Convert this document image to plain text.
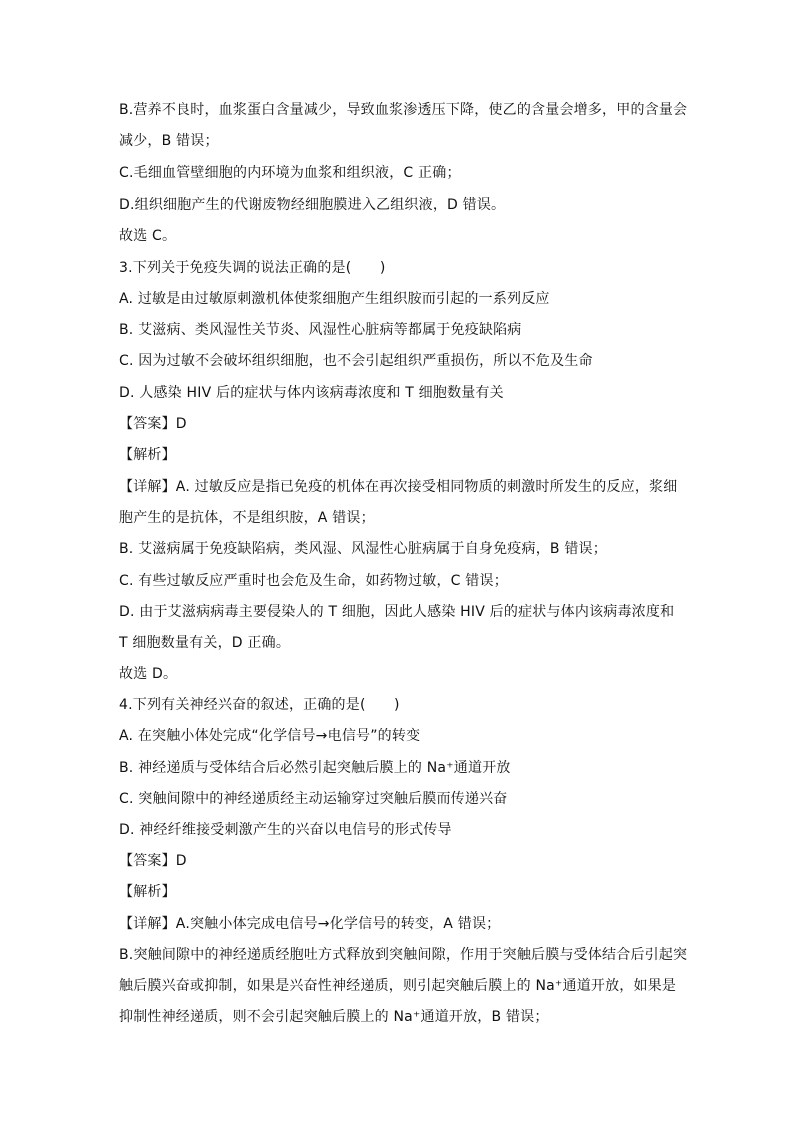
B.营养不良时，血浆蛋白含量减少，导致血浆渗透压下降，使乙的含量会增多，甲的含量会
减少，B 错误；
C.毛细血管壁细胞的内环境为血浆和组织液，C 正确；
D.组织细胞产生的代谢废物经细胞膜进入乙组织液，D 错误。
故选 C。
3.下列关于免疫失调的说法正确的是(　　)
A. 过敏是由过敏原刺激机体使浆细胞产生组织胺而引起的一系列反应
B. 艾滋病、类风湿性关节炎、风湿性心脏病等都属于免疫缺陷病
C. 因为过敏不会破坏组织细胞，也不会引起组织严重损伤，所以不危及生命
D. 人感染 HIV 后的症状与体内该病毒浓度和 T 细胞数量有关
【答案】D
【解析】
【详解】A. 过敏反应是指已免疫的机体在再次接受相同物质的刺激时所发生的反应，浆细
胞产生的是抗体，不是组织胺，A 错误；
B. 艾滋病属于免疫缺陷病，类风湿、风湿性心脏病属于自身免疫病，B 错误；
C. 有些过敏反应严重时也会危及生命，如药物过敏，C 错误；
D. 由于艾滋病病毒主要侵染人的 T 细胞，因此人感染 HIV 后的症状与体内该病毒浓度和
T 细胞数量有关，D 正确。
故选 D。
4.下列有关神经兴奋的叙述，正确的是(　　)
A. 在突触小体处完成“化学信号→电信号”的转变
B. 神经递质与受体结合后必然引起突触后膜上的 Na⁺通道开放
C. 突触间隙中的神经递质经主动运输穿过突触后膜而传递兴奋
D. 神经纤维接受刺激产生的兴奋以电信号的形式传导
【答案】D
【解析】
【详解】A.突触小体完成电信号→化学信号的转变，A 错误；
B.突触间隙中的神经递质经胞吐方式释放到突触间隙，作用于突触后膜与受体结合后引起突
触后膜兴奋或抑制，如果是兴奋性神经递质，则引起突触后膜上的 Na⁺通道开放，如果是
抑制性神经递质，则不会引起突触后膜上的 Na⁺通道开放，B 错误；
